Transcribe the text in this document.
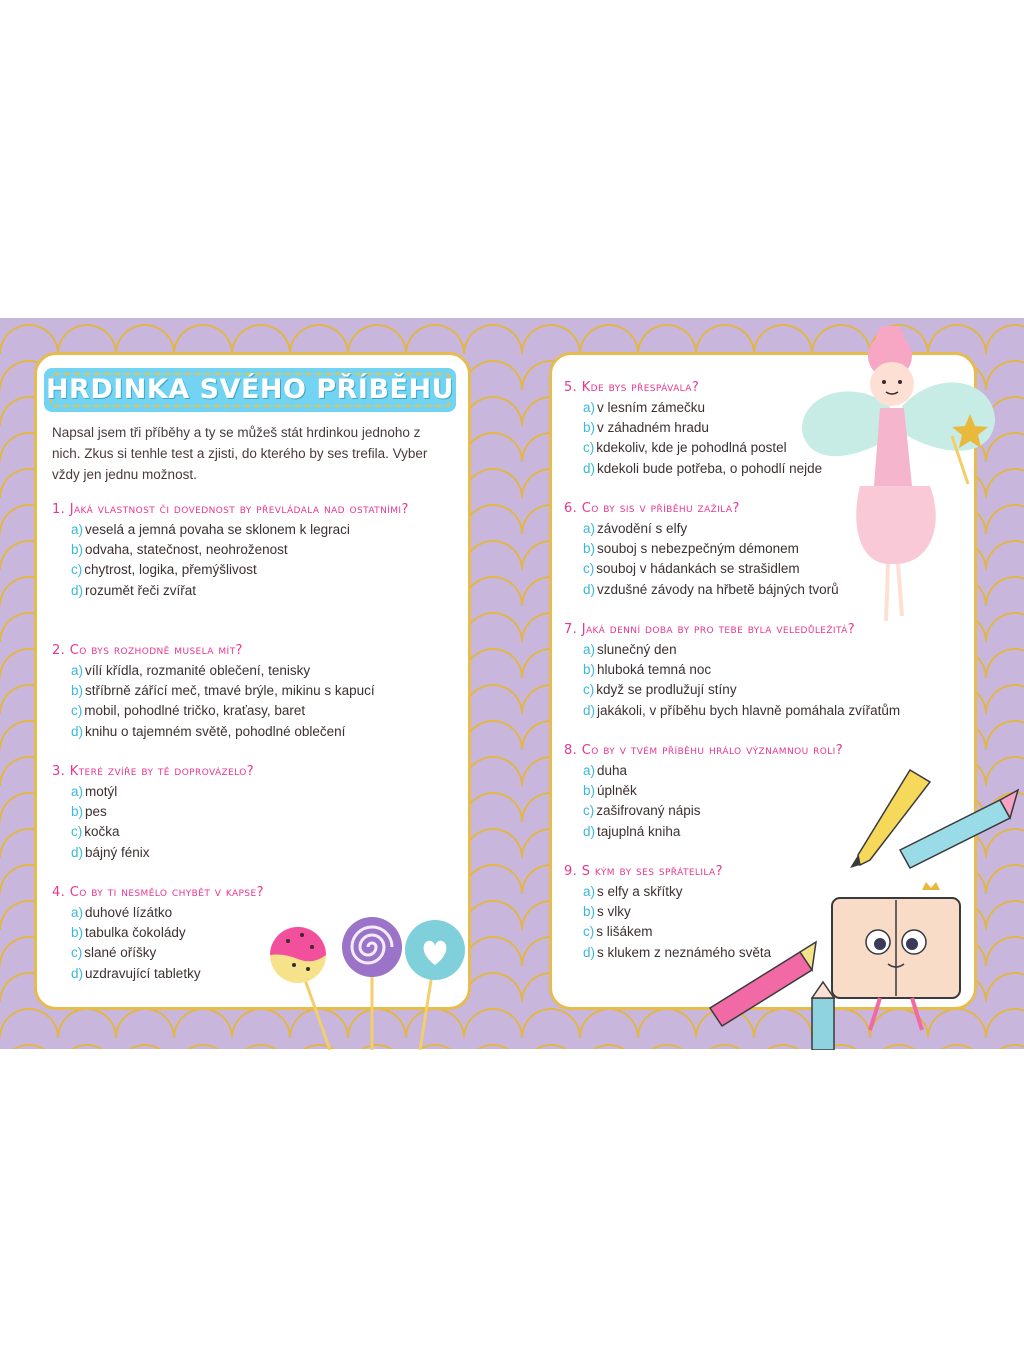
HRDINKA SVÉHO PŘÍBĚHU

Napsal jsem tři příběhy a ty se můžeš stát hrdinkou jednoho z nich. Zkus si tenhle test a zjisti, do kterého by ses trefila. Vyber vždy jen jednu možnost.

1. Jaká vlastnost či dovednost by převládala nad ostatními?

a) veselá a jemná povaha se sklonem k legraci
b) odvaha, statečnost, neohroženost
c) chytrost, logika, přemýšlivost
d) rozumět řeči zvířat

2. Co bys rozhodně musela mít?

a) vílí křídla, rozmanité oblečení, tenisky
b) stříbrně zářící meč, tmavé brýle, mikinu s kapucí
c) mobil, pohodlné tričko, kraťasy, baret
d) knihu o tajemném světě, pohodlné oblečení

3. Které zvíře by tě doprovázelo?

a) motýl
b) pes
c) kočka
d) bájný fénix

4. Co by ti nesmělo chybět v kapse?

a) duhové lízátko
b) tabulka čokolády
c) slané oříšky
d) uzdravující tabletky

5. Kde bys přespávala?

a) v lesním zámečku
b) v záhadném hradu
c) kdekoliv, kde je pohodlná postel
d) kdekoli bude potřeba, o pohodlí nejde

6. Co by sis v příběhu zažila?

a) závodění s elfy
b) souboj s nebezpečným démonem
c) souboj v hádankách se strašidlem
d) vzdušné závody na hřbetě bájných tvorů

7. Jaká denní doba by pro tebe byla veledůležitá?

a) slunečný den
b) hluboká temná noc
c) když se prodlužují stíny
d) jakákoli, v příběhu bych hlavně pomáhala zvířatům

8. Co by v tvém příběhu hrálo významnou roli?

a) duha
b) úplněk
c) zašifrovaný nápis
d) tajuplná kniha

9. S kým by ses spřátelila?

a) s elfy a skřítky
b) s vlky
c) s lišákem
d) s klukem z neznámého světa
